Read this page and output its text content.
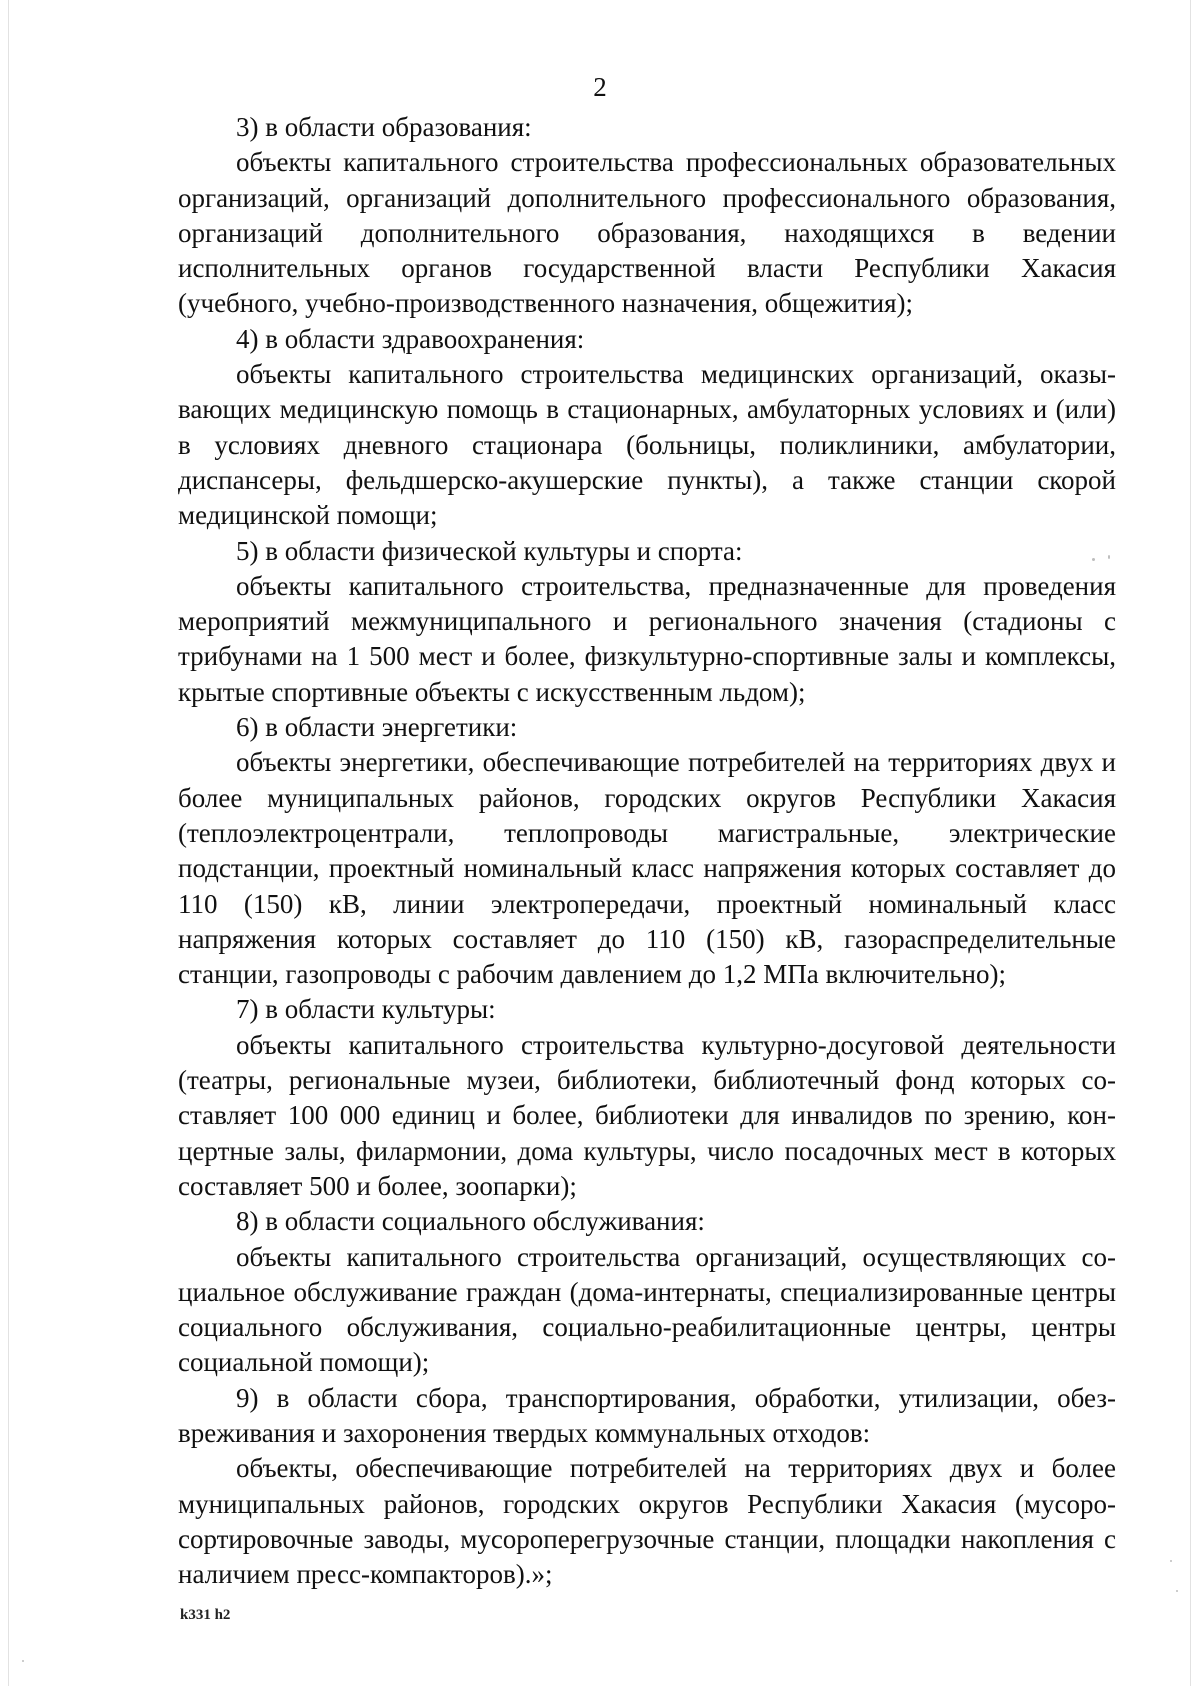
2

3) в области образования:

объекты капитального строительства профессиональных образовательных организаций, организаций дополнительного профессионального образования, организаций дополнительного образования, находящихся в ведении исполнительных органов государственной власти Республики Хакасия (учебного, учебно-производственного назначения, общежития);

4) в области здравоохранения:

объекты капитального строительства медицинских организаций, оказывающих медицинскую помощь в стационарных, амбулаторных условиях и (или) в условиях дневного стационара (больницы, поликлиники, амбулатории, диспансеры, фельдшерско-акушерские пункты), а также станции скорой медицинской помощи;

5) в области физической культуры и спорта:

объекты капитального строительства, предназначенные для проведения мероприятий межмуниципального и регионального значения (стадионы с трибунами на 1 500 мест и более, физкультурно-спортивные залы и комплексы, крытые спортивные объекты с искусственным льдом);

6) в области энергетики:

объекты энергетики, обеспечивающие потребителей на территориях двух и более муниципальных районов, городских округов Республики Хакасия (теплоэлектроцентрали, теплопроводы магистральные, электрические подстанции, проектный номинальный класс напряжения которых составляет до 110 (150) кВ, линии электропередачи, проектный номинальный класс напряжения которых составляет до 110 (150) кВ, газораспределительные станции, газопроводы с рабочим давлением до 1,2 МПа включительно);

7) в области культуры:

объекты капитального строительства культурно-досуговой деятельности (театры, региональные музеи, библиотеки, библиотечный фонд которых составляет 100 000 единиц и более, библиотеки для инвалидов по зрению, концертные залы, филармонии, дома культуры, число посадочных мест в которых составляет 500 и более, зоопарки);

8) в области социального обслуживания:

объекты капитального строительства организаций, осуществляющих социальное обслуживание граждан (дома-интернаты, специализированные центры социального обслуживания, социально-реабилитационные центры, центры социальной помощи);

9) в области сбора, транспортирования, обработки, утилизации, обезвреживания и захоронения твердых коммунальных отходов:

объекты, обеспечивающие потребителей на территориях двух и более муниципальных районов, городских округов Республики Хакасия (мусоросортировочные заводы, мусороперегрузочные станции, площадки накопления с наличием пресс-компакторов).»;

k331 h2
